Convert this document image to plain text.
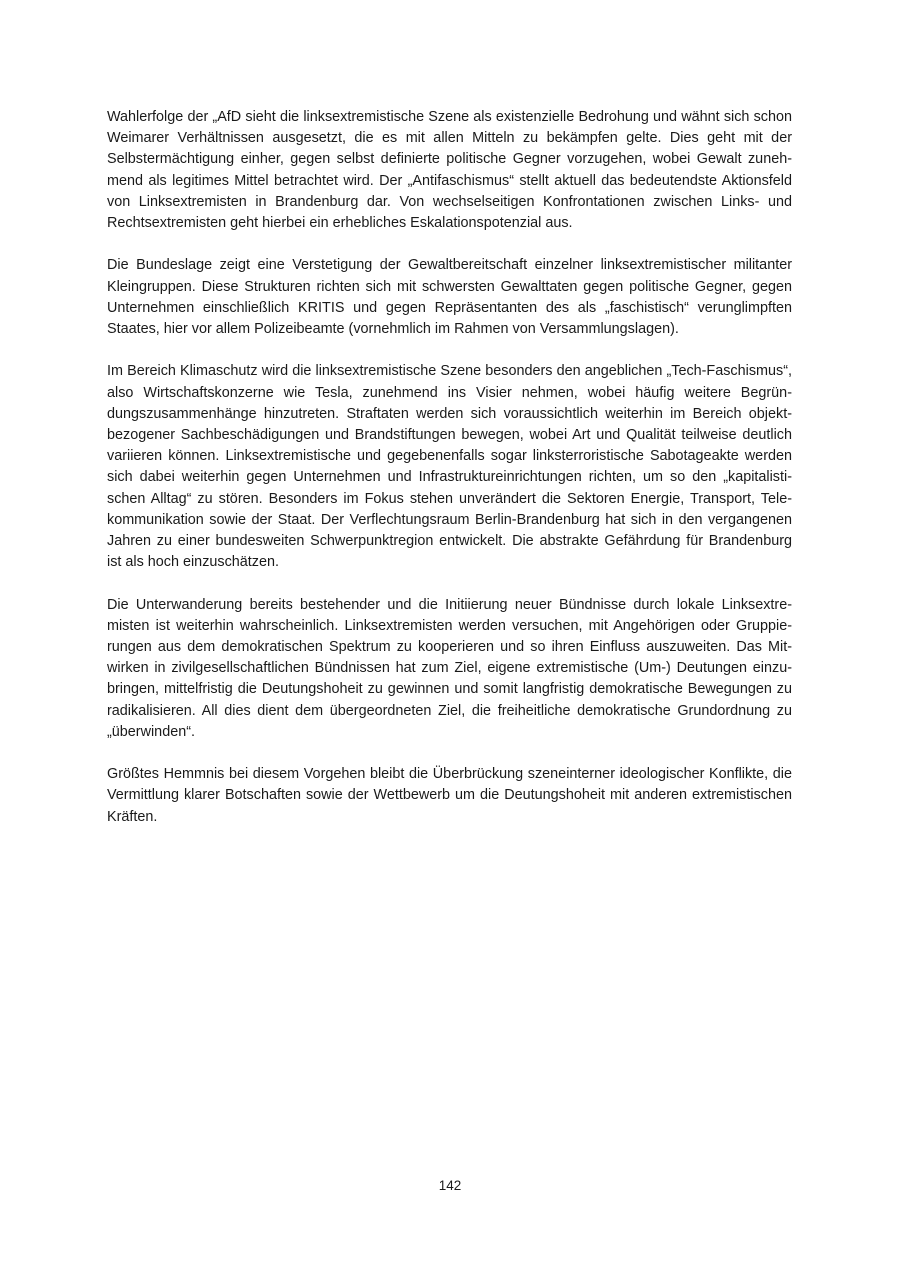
Wahlerfolge der „AfD sieht die linksextremistische Szene als existenzielle Bedrohung und wähnt sich schon Weimarer Verhältnissen ausgesetzt, die es mit allen Mitteln zu bekämpfen gelte. Dies geht mit der Selbstermächtigung einher, gegen selbst definierte politische Gegner vorzugehen, wobei Gewalt zunehmend als legitimes Mittel betrachtet wird. Der „Antifaschismus“ stellt aktuell das bedeutendste Aktionsfeld von Linksextremisten in Brandenburg dar. Von wechselseitigen Konfrontationen zwischen Links- und Rechtsextremisten geht hierbei ein erhebliches Eskalationspotenzial aus.

Die Bundeslage zeigt eine Verstetigung der Gewaltbereitschaft einzelner linksextremistischer militanter Kleingruppen. Diese Strukturen richten sich mit schwersten Gewalttaten gegen politische Gegner, gegen Unternehmen einschließlich KRITIS und gegen Repräsentanten des als „faschistisch“ verunglimpften Staates, hier vor allem Polizeibeamte (vornehmlich im Rahmen von Versammlungslagen).

Im Bereich Klimaschutz wird die linksextremistische Szene besonders den angeblichen „Tech-Faschismus“, also Wirtschaftskonzerne wie Tesla, zunehmend ins Visier nehmen, wobei häufig weitere Begründungszusammenhänge hinzutreten. Straftaten werden sich voraussichtlich weiterhin im Bereich objektbezogener Sachbeschädigungen und Brandstiftungen bewegen, wobei Art und Qualität teilweise deutlich variieren können. Linksextremistische und gegebenenfalls sogar linksterroristische Sabotageakte werden sich dabei weiterhin gegen Unternehmen und Infrastruktureinrichtungen richten, um so den „kapitalistischen Alltag“ zu stören. Besonders im Fokus stehen unverändert die Sektoren Energie, Transport, Telekommunikation sowie der Staat. Der Verflechtungsraum Berlin-Brandenburg hat sich in den vergangenen Jahren zu einer bundesweiten Schwerpunktregion entwickelt. Die abstrakte Gefährdung für Brandenburg ist als hoch einzuschätzen.

Die Unterwanderung bereits bestehender und die Initiierung neuer Bündnisse durch lokale Linksextremisten ist weiterhin wahrscheinlich. Linksextremisten werden versuchen, mit Angehörigen oder Gruppierungen aus dem demokratischen Spektrum zu kooperieren und so ihren Einfluss auszuweiten. Das Mitwirken in zivilgesellschaftlichen Bündnissen hat zum Ziel, eigene extremistische (Um-) Deutungen einzubringen, mittelfristig die Deutungshoheit zu gewinnen und somit langfristig demokratische Bewegungen zu radikalisieren. All dies dient dem übergeordneten Ziel, die freiheitliche demokratische Grundordnung zu „überwinden“.

Größtes Hemmnis bei diesem Vorgehen bleibt die Überbrückung szeneinterner ideologischer Konflikte, die Vermittlung klarer Botschaften sowie der Wettbewerb um die Deutungshoheit mit anderen extremistischen Kräften.

142
